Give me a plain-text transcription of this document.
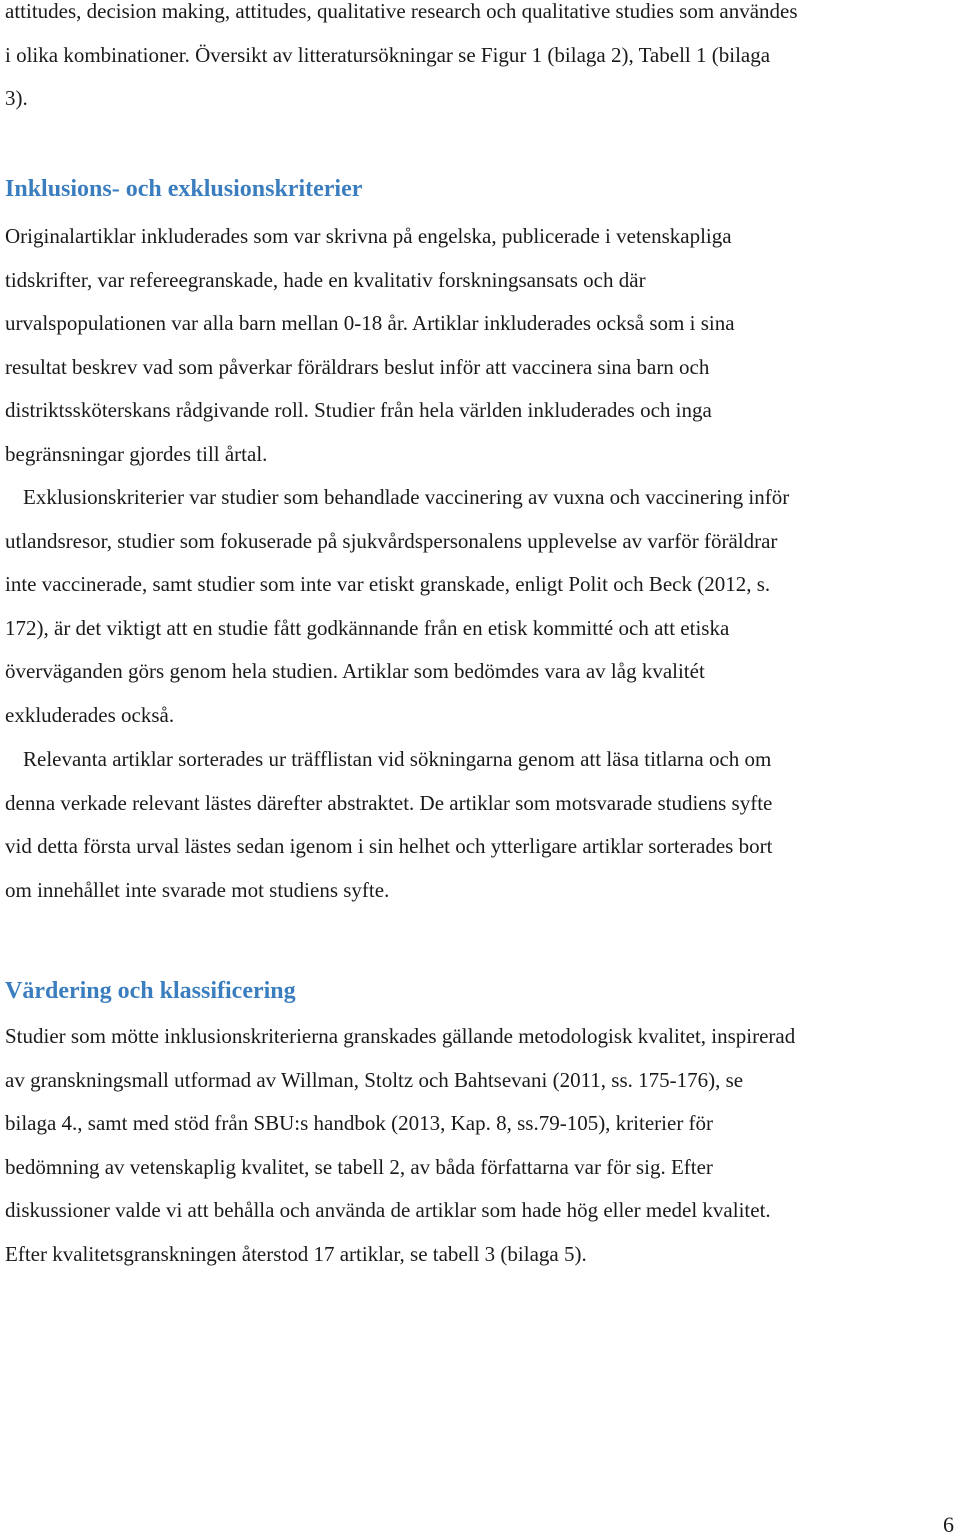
attitudes, decision making, attitudes, qualitative research och qualitative studies som användes
i olika kombinationer. Översikt av litteratursökningar se Figur 1 (bilaga 2), Tabell 1 (bilaga
3).
Inklusions- och exklusionskriterier
Originalartiklar inkluderades som var skrivna på engelska, publicerade i vetenskapliga
tidskrifter, var refereegranskade, hade en kvalitativ forskningsansats och där
urvalspopulationen var alla barn mellan 0-18 år. Artiklar inkluderades också som i sina
resultat beskrev vad som påverkar föräldrars beslut inför att vaccinera sina barn och
distriktssköterskans rådgivande roll. Studier från hela världen inkluderades och inga
begränsningar gjordes till årtal.
Exklusionskriterier var studier som behandlade vaccinering av vuxna och vaccinering inför
utlandsresor, studier som fokuserade på sjukvårdspersonalens upplevelse av varför föräldrar
inte vaccinerade, samt studier som inte var etiskt granskade, enligt Polit och Beck (2012, s.
172), är det viktigt att en studie fått godkännande från en etisk kommitté och att etiska
överväganden görs genom hela studien. Artiklar som bedömdes vara av låg kvalitét
exkluderades också.
Relevanta artiklar sorterades ur träfflistan vid sökningarna genom att läsa titlarna och om
denna verkade relevant lästes därefter abstraktet. De artiklar som motsvarade studiens syfte
vid detta första urval lästes sedan igenom i sin helhet och ytterligare artiklar sorterades bort
om innehållet inte svarade mot studiens syfte.
Värdering och klassificering
Studier som mötte inklusionskriterierna granskades gällande metodologisk kvalitet, inspirerad
av granskningsmall utformad av Willman, Stoltz och Bahtsevani (2011, ss. 175-176), se
bilaga 4., samt med stöd från SBU:s handbok (2013, Kap. 8, ss.79-105), kriterier för
bedömning av vetenskaplig kvalitet, se tabell 2, av båda författarna var för sig. Efter
diskussioner valde vi att behålla och använda de artiklar som hade hög eller medel kvalitet.
Efter kvalitetsgranskningen återstod 17 artiklar, se tabell 3 (bilaga 5).
6
